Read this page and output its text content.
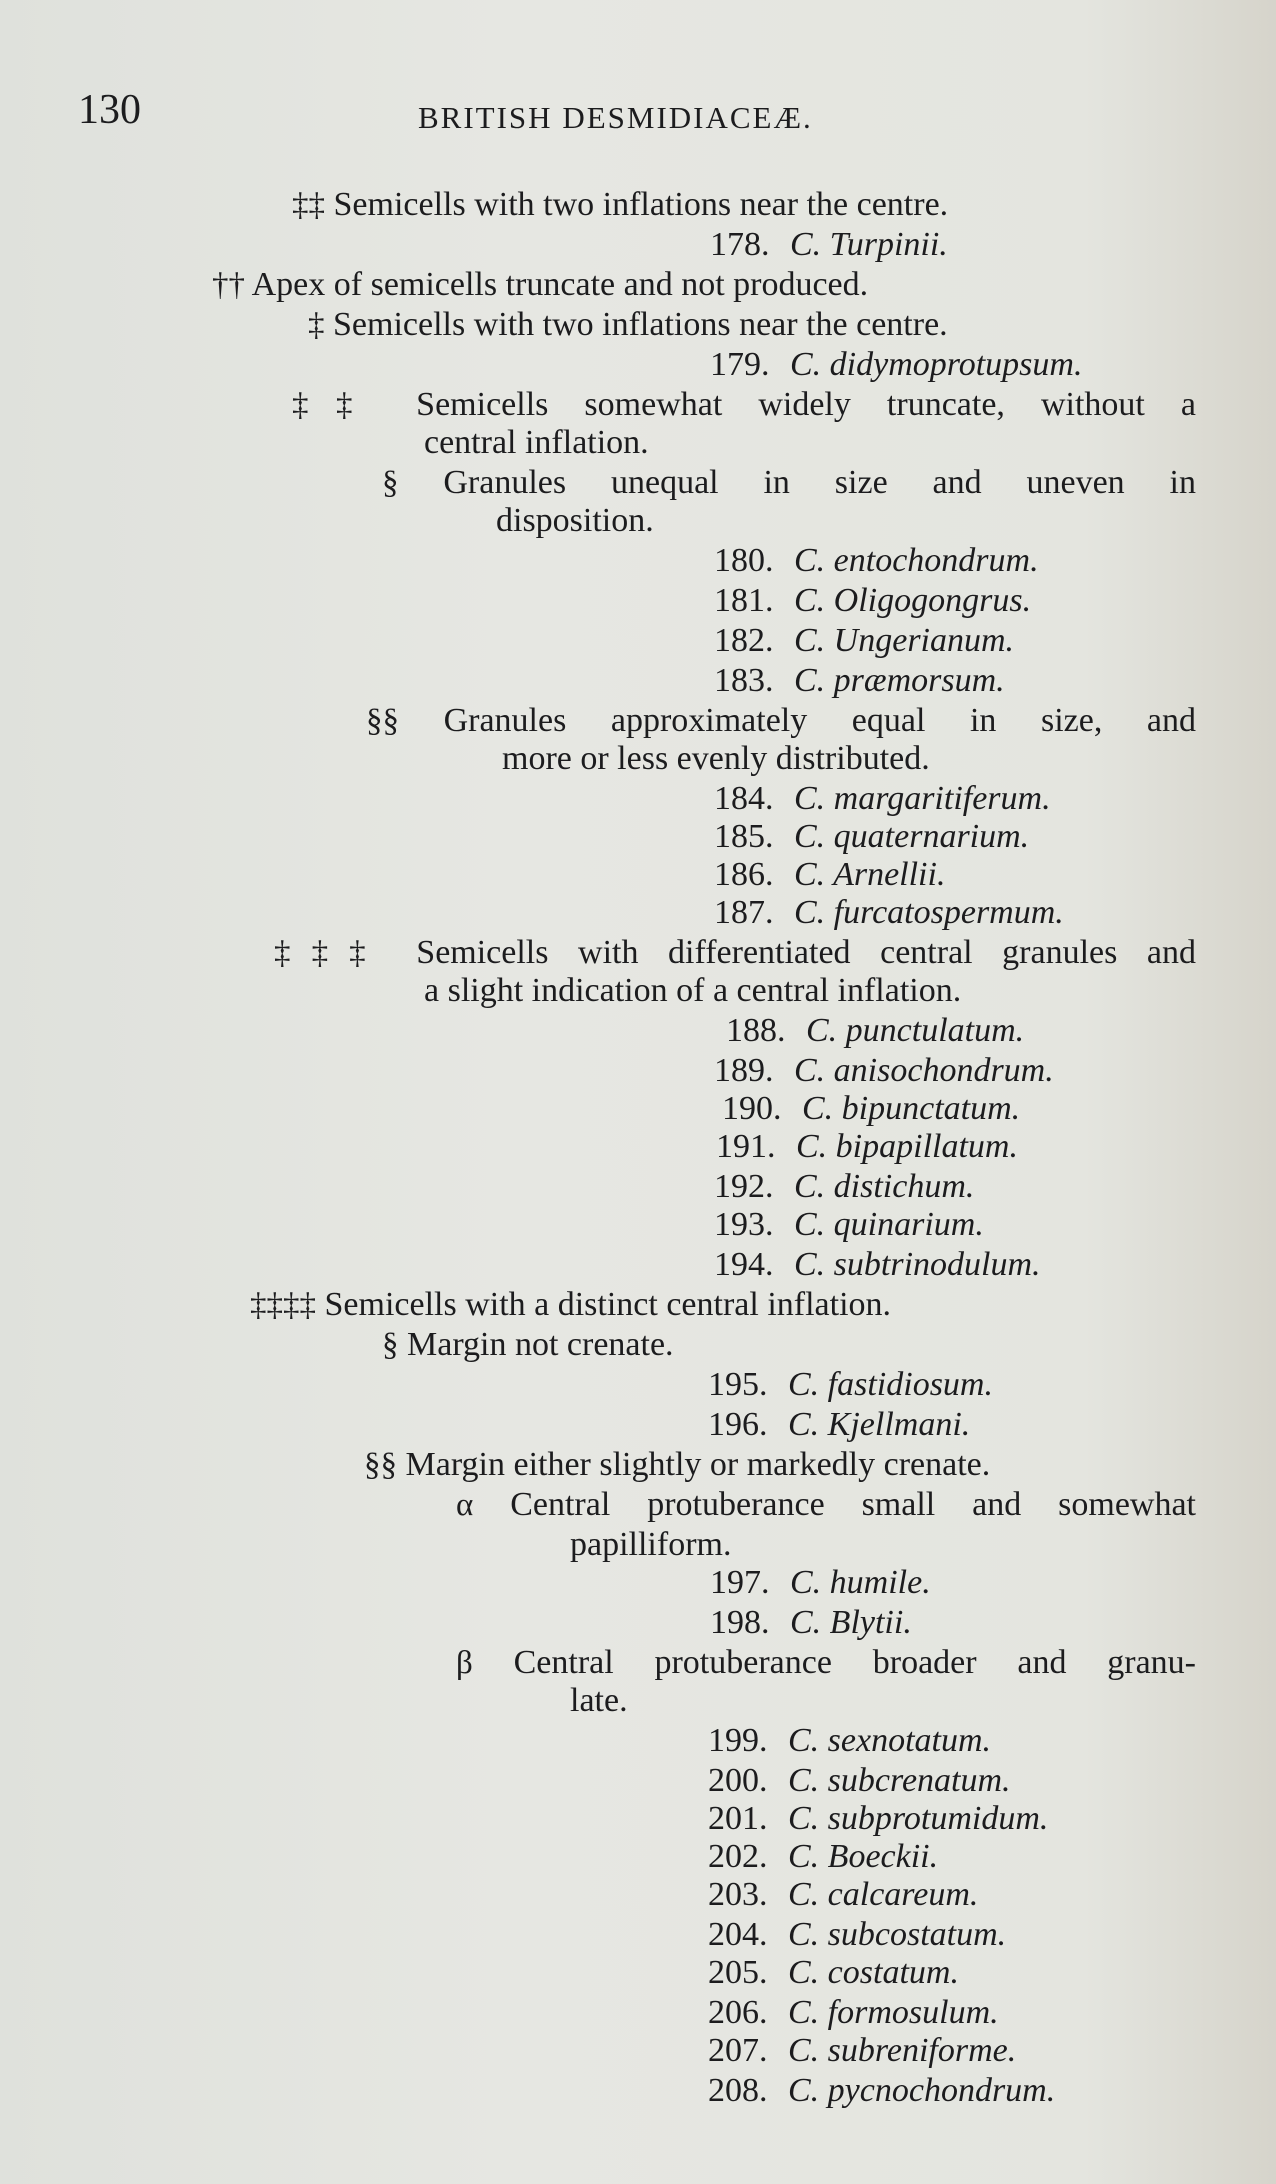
130	BRITISH DESMIDIACEÆ.
‡‡ Semicells with two inflations near the centre.
178. C. Turpinii.
†† Apex of semicells truncate and not produced.
‡ Semicells with two inflations near the centre.
179. C. didymoprotupsum.
‡‡ Semicells somewhat widely truncate, without a
central inflation.
§ Granules unequal in size and uneven in
disposition.
180. C. entochondrum.
181. C. Oligogongrus.
182. C. Ungerianum.
183. C. præmorsum.
§§ Granules approximately equal in size, and
more or less evenly distributed.
184. C. margaritiferum.
185. C. quaternarium.
186. C. Arnellii.
187. C. furcatospermum.
‡‡‡ Semicells with differentiated central granules and
a slight indication of a central inflation.
188. C. punctulatum.
189. C. anisochondrum.
190. C. bipunctatum.
191. C. bipapillatum.
192. C. distichum.
193. C. quinarium.
194. C. subtrinodulum.
‡‡‡‡ Semicells with a distinct central inflation.
§ Margin not crenate.
195. C. fastidiosum.
196. C. Kjellmani.
§§ Margin either slightly or markedly crenate.
α Central protuberance small and somewhat
papilliform.
197. C. humile.
198. C. Blytii.
β Central protuberance broader and granu-
late.
199. C. sexnotatum.
200. C. subcrenatum.
201. C. subprotumidum.
202. C. Boeckii.
203. C. calcareum.
204. C. subcostatum.
205. C. costatum.
206. C. formosulum.
207. C. subreniforme.
208. C. pycnochondrum.
